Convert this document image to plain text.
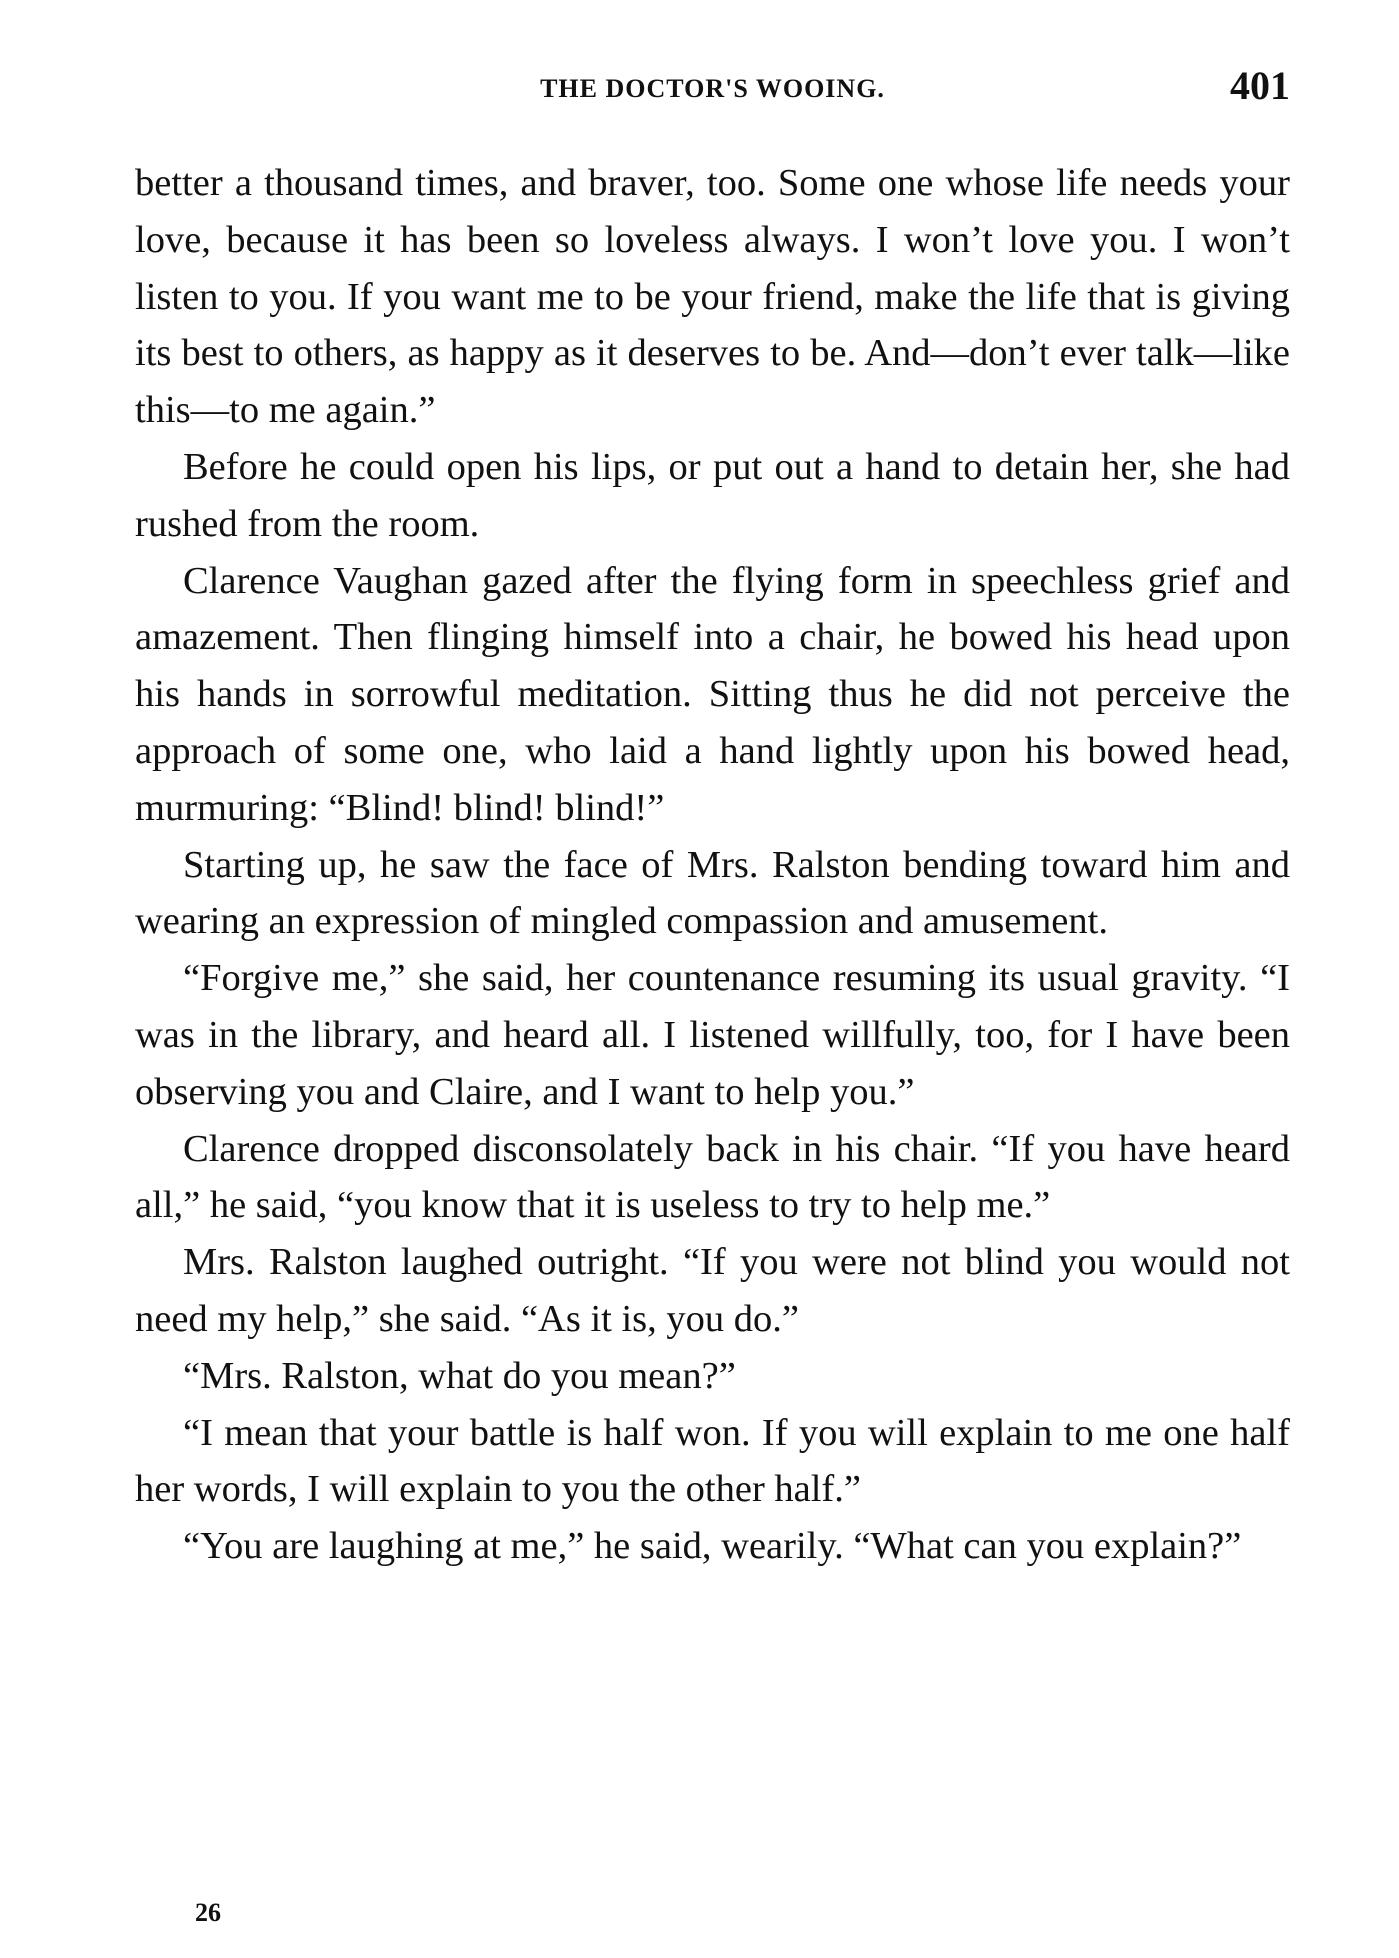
THE DOCTOR'S WOOING.	401

better a thousand times, and braver, too. Some one whose life needs your love, because it has been so loveless always. I won’t love you. I won’t listen to you. If you want me to be your friend, make the life that is giving its best to others, as happy as it deserves to be. And—don’t ever talk—like this—to me again.”

Before he could open his lips, or put out a hand to detain her, she had rushed from the room.

Clarence Vaughan gazed after the flying form in speechless grief and amazement. Then flinging himself into a chair, he bowed his head upon his hands in sorrowful meditation. Sitting thus he did not perceive the approach of some one, who laid a hand lightly upon his bowed head, murmuring: “Blind! blind! blind!”

Starting up, he saw the face of Mrs. Ralston bending toward him and wearing an expression of mingled compassion and amusement.

“Forgive me,” she said, her countenance resuming its usual gravity. “I was in the library, and heard all. I listened willfully, too, for I have been observing you and Claire, and I want to help you.”

Clarence dropped disconsolately back in his chair. “If you have heard all,” he said, “you know that it is useless to try to help me.”

Mrs. Ralston laughed outright. “If you were not blind you would not need my help,” she said. “As it is, you do.”

“Mrs. Ralston, what do you mean?”

“I mean that your battle is half won. If you will explain to me one half her words, I will explain to you the other half.”

“You are laughing at me,” he said, wearily. “What can you explain?”

26
